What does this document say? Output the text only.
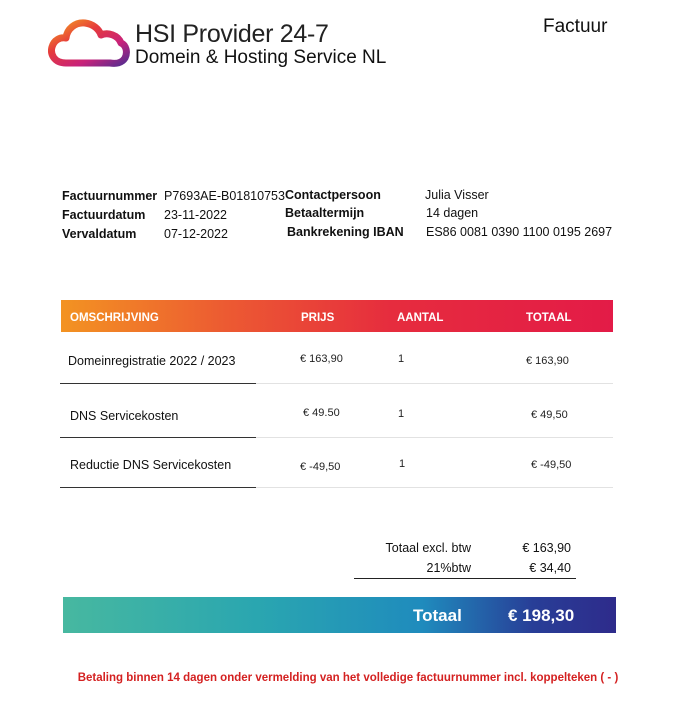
HSI Provider 24-7
Domein & Hosting Service NL
Factuur
Factuurnummer P7693AE-B01810753
Factuurdatum 23-11-2022
Vervaldatum 07-12-2022
Contactpersoon	Julia Visser
Betaaltermijn	14 dagen
Bankrekening IBAN ES86 0081 0390 1100 0195 2697
OMSCHRIJVING	PRIJS	AANTAL	TOTAAL
Domeinregistratie 2022 / 2023	€ 163,90	1	€ 163,90
DNS Servicekosten	€ 49.50	1	€ 49,50
Reductie DNS Servicekosten	€ -49,50	1	€ -49,50
Totaal excl. btw	€ 163,90
21%btw	€ 34,40
Totaal	€ 198,30
Betaling binnen 14 dagen onder vermelding van het volledige factuurnummer incl. koppelteken ( - )
